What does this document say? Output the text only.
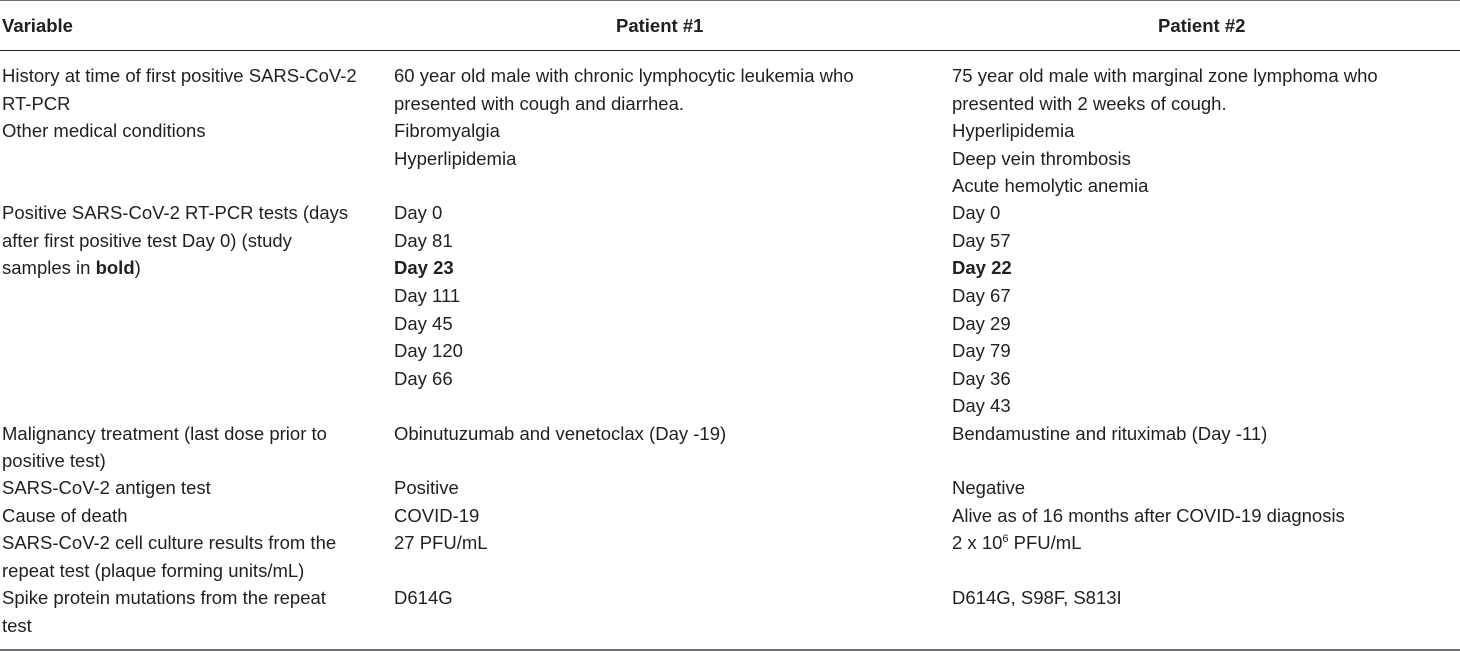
Variable	Patient #1	Patient #2
History at time of first positive SARS-CoV-2
RT-PCR
Other medical conditions
Positive SARS-CoV-2 RT-PCR tests (days
after first positive test Day 0) (study
samples in bold)
Malignancy treatment (last dose prior to
positive test)
SARS-CoV-2 antigen test
Cause of death
SARS-CoV-2 cell culture results from the
repeat test (plaque forming units/mL)
Spike protein mutations from the repeat
test
60 year old male with chronic lymphocytic leukemia who
presented with cough and diarrhea.
Fibromyalgia
Hyperlipidemia
Day 0
Day 81
Day 23
Day 111
Day 45
Day 120
Day 66
Obinutuzumab and venetoclax (Day -19)
Positive
COVID-19
27 PFU/mL
D614G
75 year old male with marginal zone lymphoma who
presented with 2 weeks of cough.
Hyperlipidemia
Deep vein thrombosis
Acute hemolytic anemia
Day 0
Day 57
Day 22
Day 67
Day 29
Day 79
Day 36
Day 43
Bendamustine and rituximab (Day -11)
Negative
Alive as of 16 months after COVID-19 diagnosis
2 x $10^6$ PFU/mL
D614G, S98F, S813I
